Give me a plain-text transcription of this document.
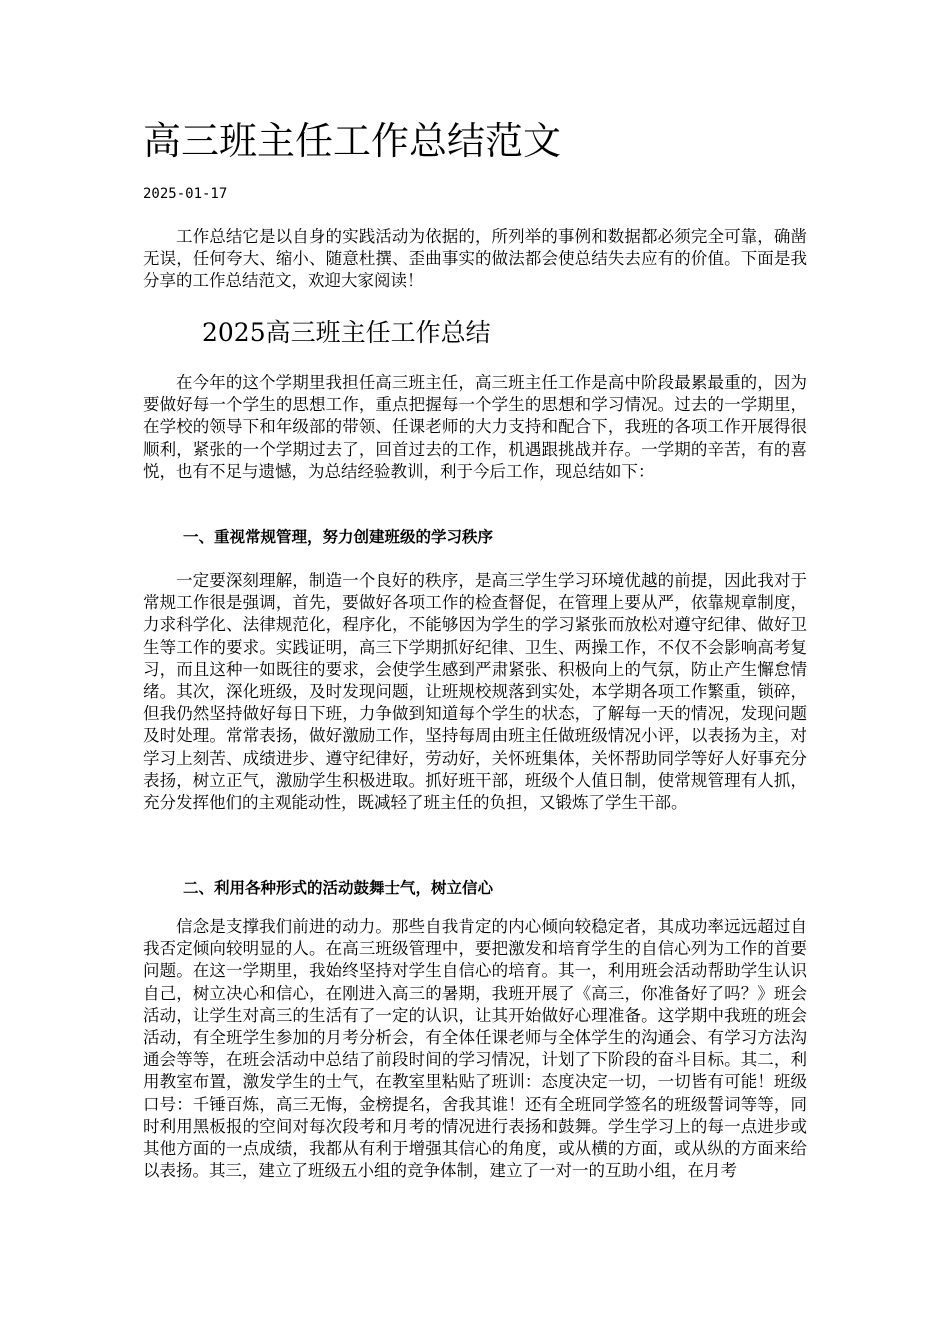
高三班主任工作总结范文
2025-01-17

工作总结它是以自身的实践活动为依据的，所列举的事例和数据都必须完全可靠，确凿无误，任何夸大、缩小、随意杜撰、歪曲事实的做法都会使总结失去应有的价值。下面是我分享的工作总结范文，欢迎大家阅读！

2025高三班主任工作总结

在今年的这个学期里我担任高三班主任，高三班主任工作是高中阶段最累最重的，因为要做好每一个学生的思想工作，重点把握每一个学生的思想和学习情况。过去的一学期里，在学校的领导下和年级部的带领、任课老师的大力支持和配合下，我班的各项工作开展得很顺利，紧张的一个学期过去了，回首过去的工作，机遇跟挑战并存。一学期的辛苦，有的喜悦，也有不足与遗憾，为总结经验教训，利于今后工作，现总结如下：

一、重视常规管理，努力创建班级的学习秩序

一定要深刻理解，制造一个良好的秩序，是高三学生学习环境优越的前提，因此我对于常规工作很是强调，首先，要做好各项工作的检查督促，在管理上要从严，依靠规章制度，力求科学化、法律规范化，程序化，不能够因为学生的学习紧张而放松对遵守纪律、做好卫生等工作的要求。实践证明，高三下学期抓好纪律、卫生、两操工作，不仅不会影响高考复习，而且这种一如既往的要求，会使学生感到严肃紧张、积极向上的气氛，防止产生懈怠情绪。其次，深化班级，及时发现问题，让班规校规落到实处，本学期各项工作繁重，锁碎，但我仍然坚持做好每日下班，力争做到知道每个学生的状态，了解每一天的情况，发现问题及时处理。常常表扬，做好激励工作，坚持每周由班主任做班级情况小评，以表扬为主，对学习上刻苦、成绩进步、遵守纪律好，劳动好，关怀班集体，关怀帮助同学等好人好事充分表扬，树立正气，激励学生积极进取。抓好班干部，班级个人值日制，使常规管理有人抓，充分发挥他们的主观能动性，既减轻了班主任的负担，又锻炼了学生干部。

二、利用各种形式的活动鼓舞士气，树立信心

信念是支撑我们前进的动力。那些自我肯定的内心倾向较稳定者，其成功率远远超过自我否定倾向较明显的人。在高三班级管理中，要把激发和培育学生的自信心列为工作的首要问题。在这一学期里，我始终坚持对学生自信心的培育。其一，利用班会活动帮助学生认识自己，树立决心和信心，在刚进入高三的暑期，我班开展了《高三，你准备好了吗？》班会活动，让学生对高三的生活有了一定的认识，让其开始做好心理准备。这学期中我班的班会活动，有全班学生参加的月考分析会，有全体任课老师与全体学生的沟通会、有学习方法沟通会等等，在班会活动中总结了前段时间的学习情况，计划了下阶段的奋斗目标。其二，利用教室布置，激发学生的士气，在教室里粘贴了班训：态度决定一切，一切皆有可能！班级口号：千锤百炼，高三无悔，金榜提名，舍我其谁！还有全班同学签名的班级誓词等等，同时利用黑板报的空间对每次段考和月考的情况进行表扬和鼓舞。学生学习上的每一点进步或其他方面的一点成绩，我都从有利于增强其信心的角度，或从横的方面，或从纵的方面来给以表扬。其三，建立了班级五小组的竞争体制，建立了一对一的互助小组，在月考
